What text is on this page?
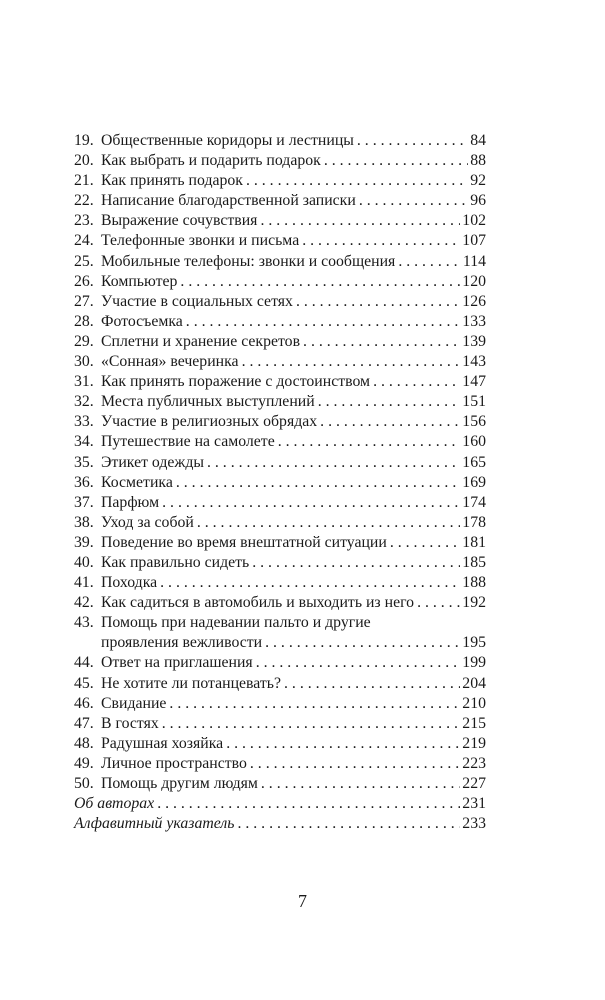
19. Общественные коридоры и лестницы . . .	84
20. Как выбрать и подарить подарок . . .	88
21. Как принять подарок . . .	92
22. Написание благодарственной записки . . .	96
23. Выражение сочувствия . . .	102
24. Телефонные звонки и письма . . .	107
25. Мобильные телефоны: звонки и сообщения . . .	114
26. Компьютер . . .	120
27. Участие в социальных сетях . . .	126
28. Фотосъемка . . .	133
29. Сплетни и хранение секретов . . .	139
30. «Сонная» вечеринка . . .	143
31. Как принять поражение с достоинством . . .	147
32. Места публичных выступлений . . .	151
33. Участие в религиозных обрядах . . .	156
34. Путешествие на самолете . . .	160
35. Этикет одежды . . .	165
36. Косметика . . .	169
37. Парфюм . . .	174
38. Уход за собой . . .	178
39. Поведение во время внештатной ситуации . . .	181
40. Как правильно сидеть . . .	185
41. Походка . . .	188
42. Как садиться в автомобиль и выходить из него . . .	192
43. Помощь при надевании пальто и другие
проявления вежливости . . .	195
44. Ответ на приглашения . . .	199
45. Не хотите ли потанцевать? . . .	204
46. Свидание . . .	210
47. В гостях . . .	215
48. Радушная хозяйка . . .	219
49. Личное пространство . . .	223
50. Помощь другим людям . . .	227
Об авторах . . .	231
Алфавитный указатель . . .	233
7
